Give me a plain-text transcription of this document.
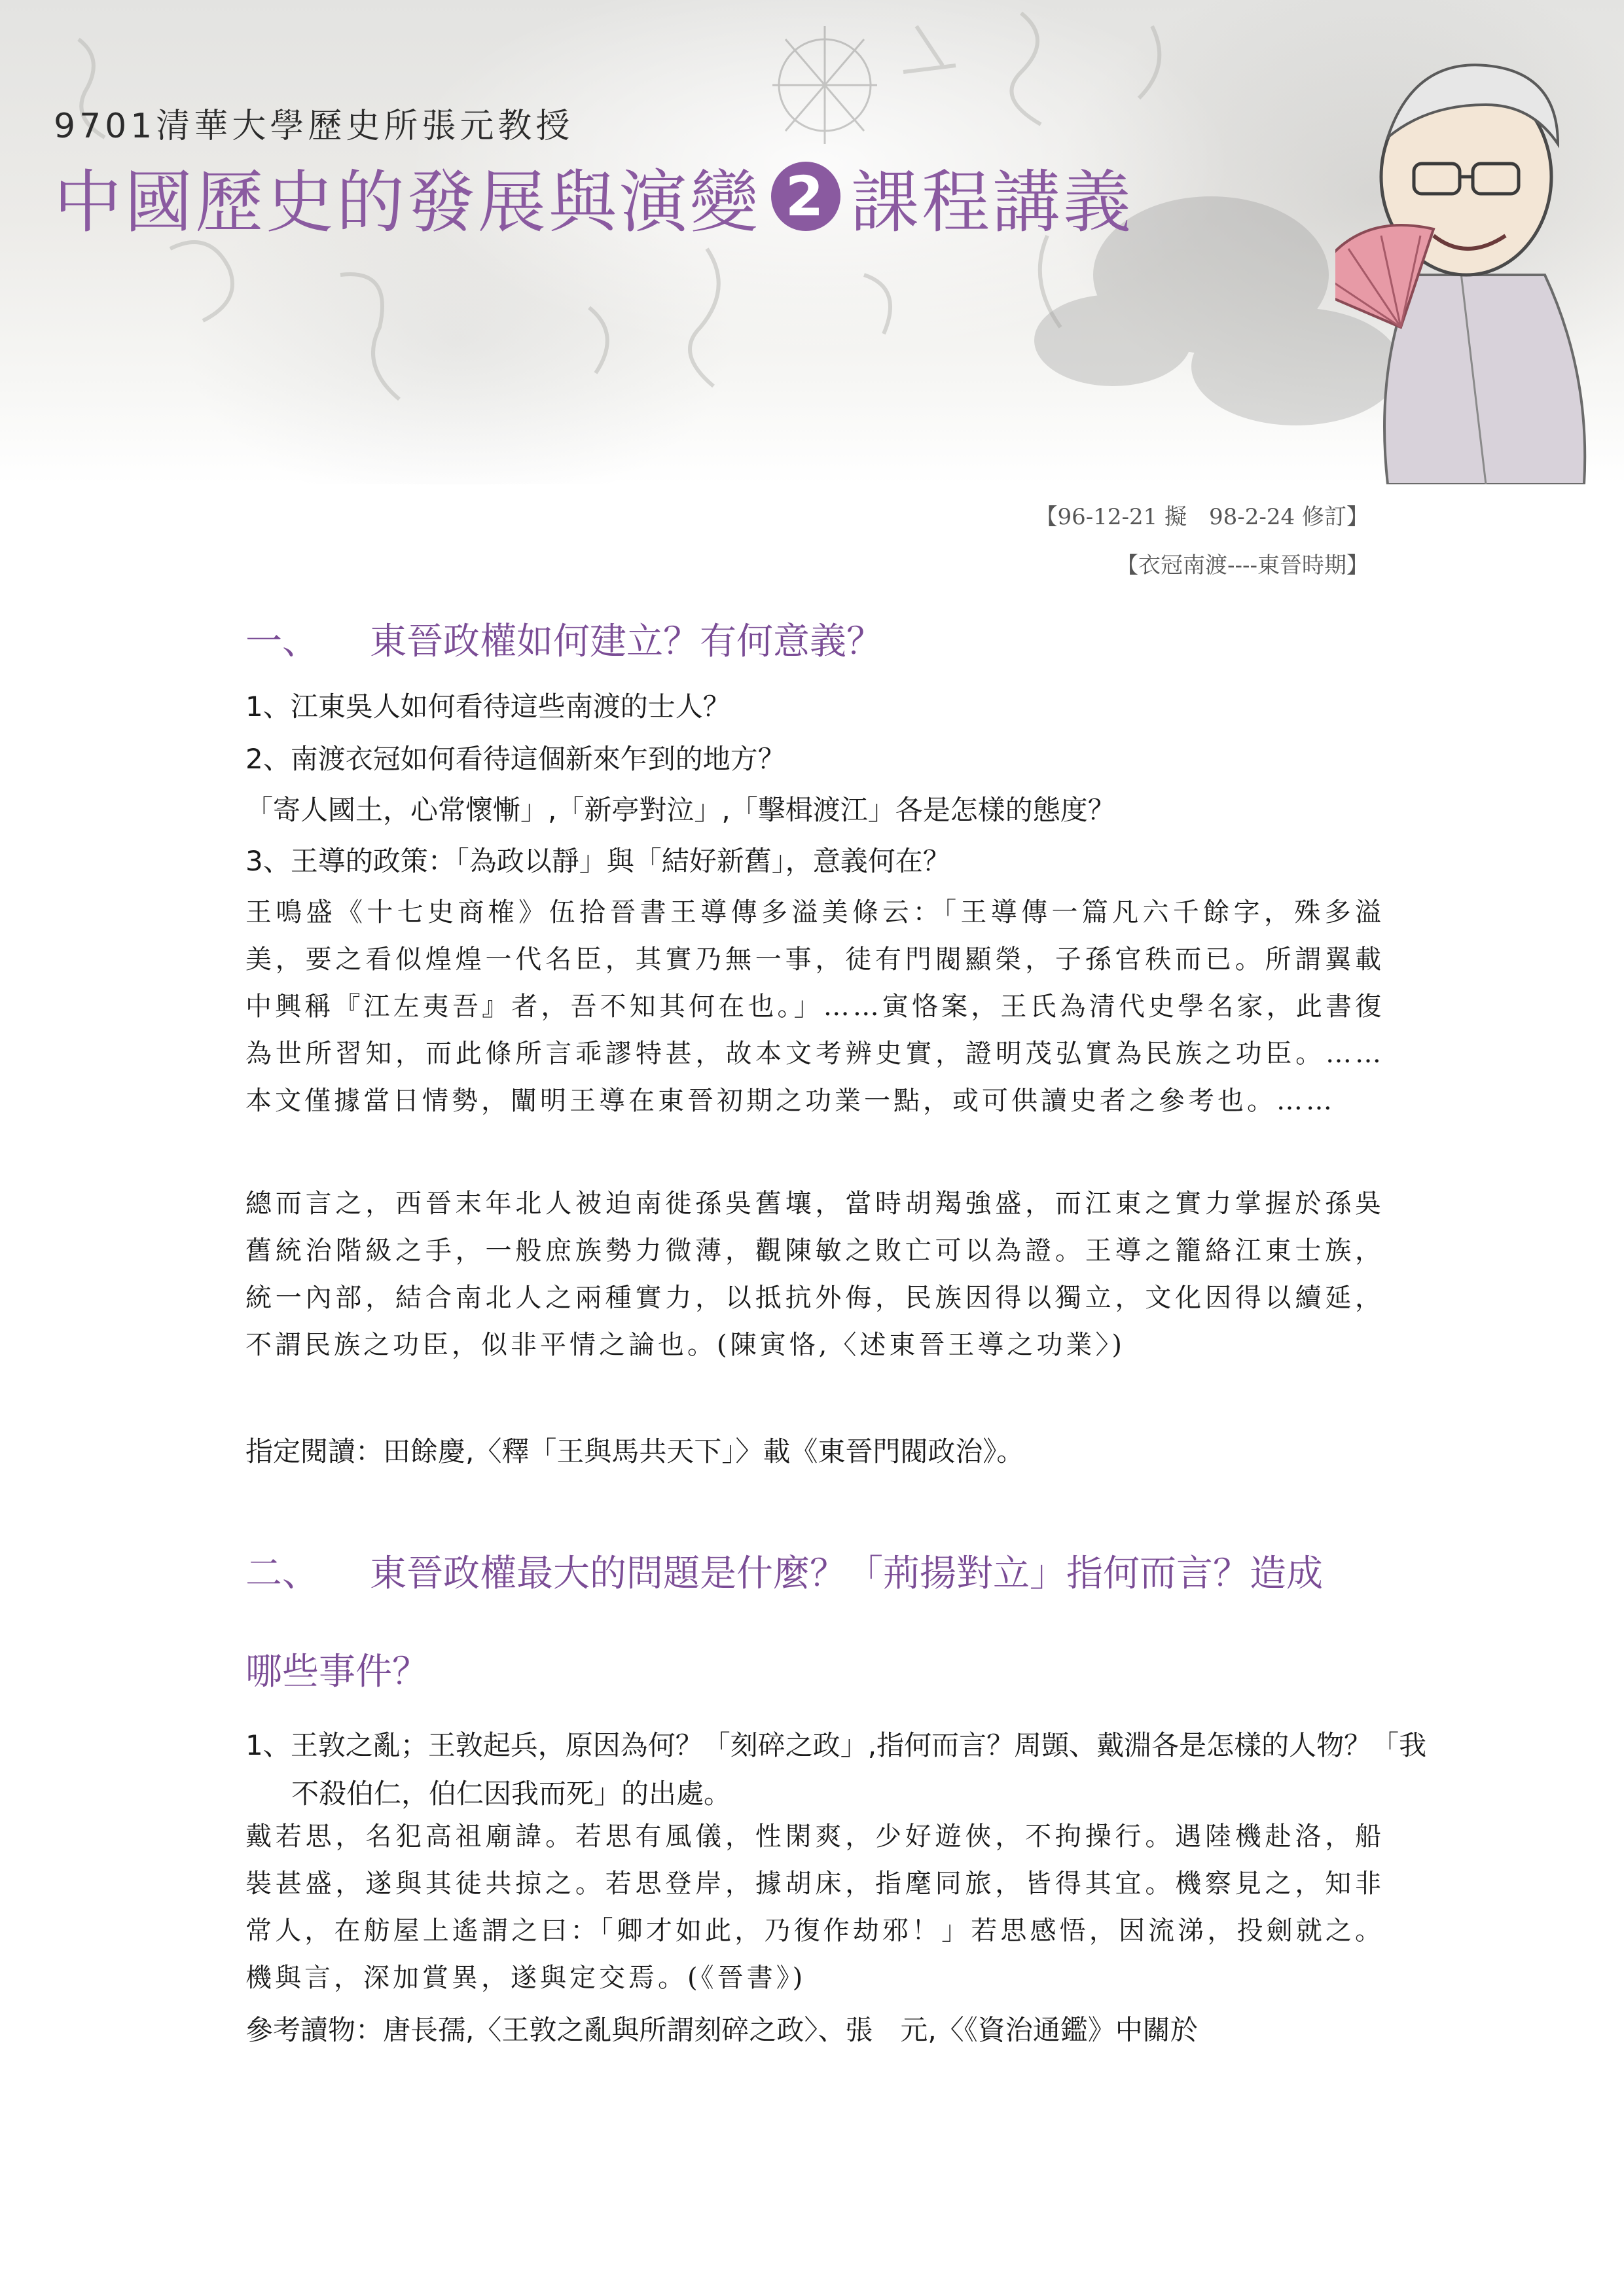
9701清華大學歷史所張元教授
中國歷史的發展與演變 2 課程講義
【96-12-21 擬　98-2-24 修訂】
【衣冠南渡----東晉時期】
一、 東晉政權如何建立？有何意義？
1、江東吳人如何看待這些南渡的士人？
2、南渡衣冠如何看待這個新來乍到的地方？
「寄人國土，心常懷慚」,「新亭對泣」,「擊楫渡江」各是怎樣的態度？
3、王導的政策：「為政以靜」與「結好新舊」，意義何在？
王鳴盛《十七史商榷》伍拾晉書王導傳多溢美條云：「王導傳一篇凡六千餘字，殊多溢美，要之看似煌煌一代名臣，其實乃無一事，徒有門閥顯榮，子孫官秩而已。所謂翼載中興稱『江左夷吾』者，吾不知其何在也。」……寅恪案，王氏為清代史學名家，此書復為世所習知，而此條所言乖謬特甚，故本文考辨史實，證明茂弘實為民族之功臣。……本文僅據當日情勢，闡明王導在東晉初期之功業一點，或可供讀史者之參考也。……
總而言之，西晉末年北人被迫南徙孫吳舊壤，當時胡羯強盛，而江東之實力掌握於孫吳舊統治階級之手，一般庶族勢力微薄，觀陳敏之敗亡可以為證。王導之籠絡江東士族，統一內部，結合南北人之兩種實力，以抵抗外侮，民族因得以獨立，文化因得以續延，不謂民族之功臣，似非平情之論也。(陳寅恪,〈述東晉王導之功業〉)
指定閱讀：田餘慶,〈釋「王與馬共天下」〉載《東晉門閥政治》。
二、 東晉政權最大的問題是什麼？「荊揚對立」指何而言？造成
哪些事件？
1、王敦之亂；王敦起兵，原因為何？「刻碎之政」,指何而言？周顗、戴淵各是怎樣的人物？「我不殺伯仁，伯仁因我而死」的出處。
戴若思，名犯高祖廟諱。若思有風儀，性閑爽，少好遊俠，不拘操行。遇陸機赴洛，船裝甚盛，遂與其徒共掠之。若思登岸，據胡床，指麾同旅，皆得其宜。機察見之，知非常人，在舫屋上遙謂之曰：「卿才如此，乃復作劫邪！」若思感悟，因流涕，投劍就之。機與言，深加賞異，遂與定交焉。(《晉書》)
參考讀物：唐長孺,〈王敦之亂與所謂刻碎之政〉、張　元,〈《資治通鑑》中關於
